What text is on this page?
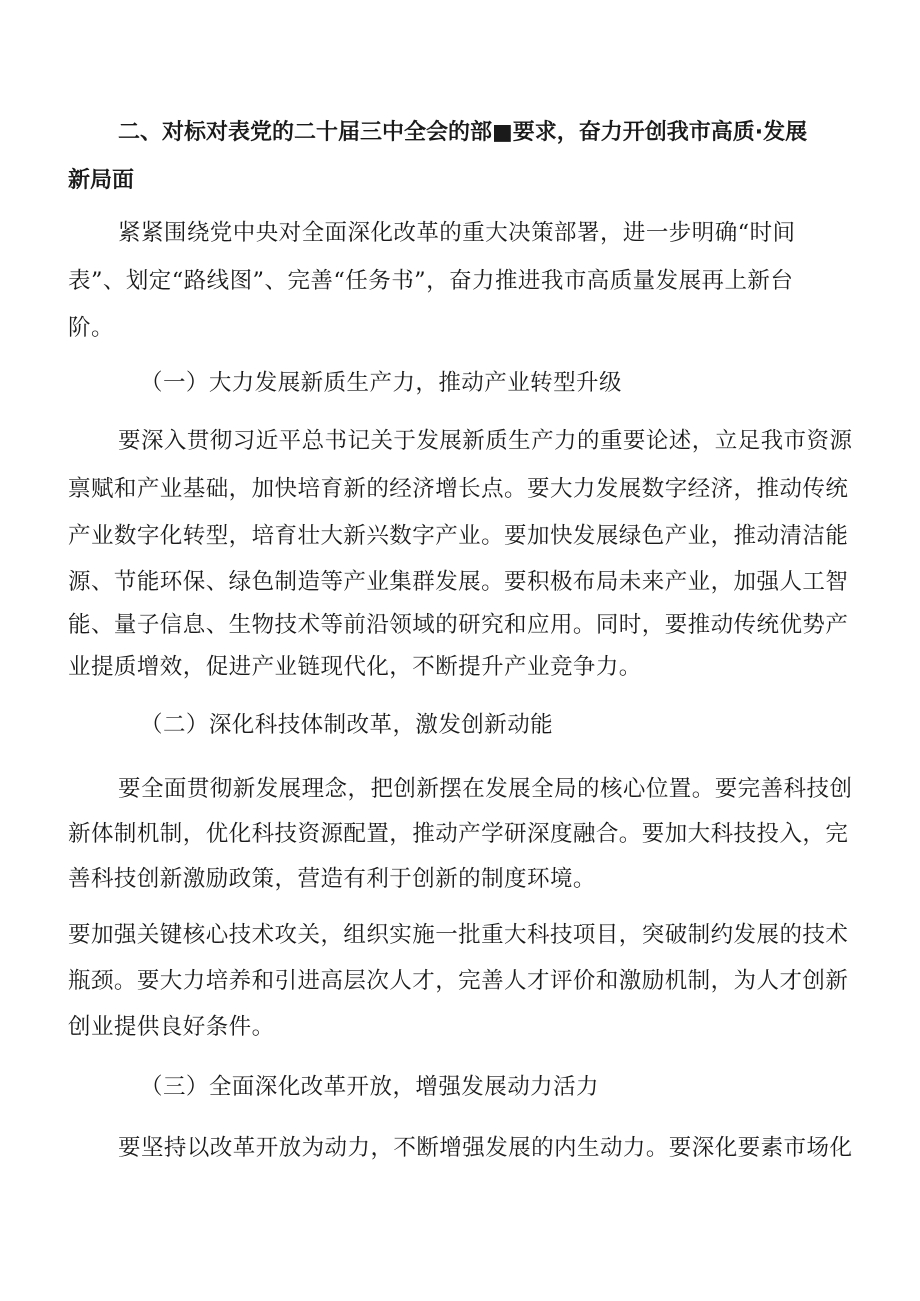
二、对标对表党的二十届三中全会的部■要求，奋力开创我市高质·发展
新局面
紧紧围绕党中央对全面深化改革的重大决策部署，进一步明确“时间
表”、划定“路线图”、完善“任务书”，奋力推进我市高质量发展再上新台
阶。
（一）大力发展新质生产力，推动产业转型升级
要深入贯彻习近平总书记关于发展新质生产力的重要论述，立足我市资源
禀赋和产业基础，加快培育新的经济增长点。要大力发展数字经济，推动传统
产业数字化转型，培育壮大新兴数字产业。要加快发展绿色产业，推动清洁能
源、节能环保、绿色制造等产业集群发展。要积极布局未来产业，加强人工智
能、量子信息、生物技术等前沿领域的研究和应用。同时，要推动传统优势产
业提质增效，促进产业链现代化，不断提升产业竞争力。
（二）深化科技体制改革，激发创新动能
要全面贯彻新发展理念，把创新摆在发展全局的核心位置。要完善科技创
新体制机制，优化科技资源配置，推动产学研深度融合。要加大科技投入，完
善科技创新激励政策，营造有利于创新的制度环境。
要加强关键核心技术攻关，组织实施一批重大科技项目，突破制约发展的技术
瓶颈。要大力培养和引进高层次人才，完善人才评价和激励机制，为人才创新
创业提供良好条件。
（三）全面深化改革开放，增强发展动力活力
要坚持以改革开放为动力，不断增强发展的内生动力。要深化要素市场化
